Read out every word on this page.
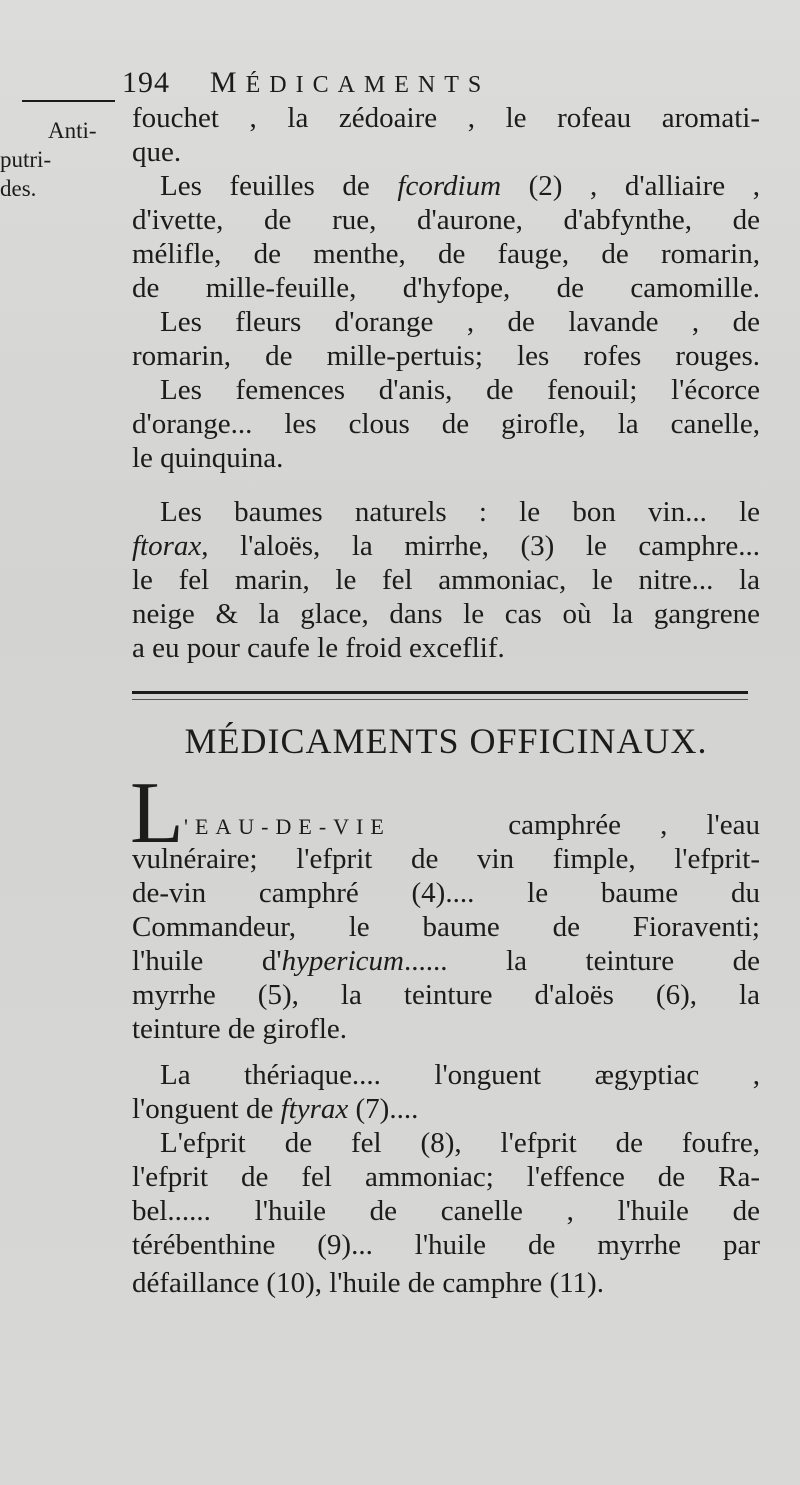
194 MÉDICAMENTS
Anti-
putri-
des.
fouchet , la zédoaire , le rofeau aromati-
que.
Les feuilles de fcordium (2) , d'alliaire ,
d'ivette, de rue, d'aurone, d'abfynthe, de
mélifle, de menthe, de fauge, de romarin,
de mille-feuille, d'hyfope, de camomille.
Les fleurs d'orange , de lavande , de
romarin, de mille-pertuis; les rofes rouges.
Les femences d'anis, de fenouil; l'écorce
d'orange... les clous de girofle, la canelle,
le quinquina.
Les baumes naturels : le bon vin... le
ftorax, l'aloës, la mirrhe, (3) le camphre...
le fel marin, le fel ammoniac, le nitre... la
neige & la glace, dans le cas où la gangrene
a eu pour caufe le froid exceflif.
MÉDICAMENTS OFFICINAUX.
L 'EAU-DE-VIE	camphrée , l'eau
vulnéraire; l'efprit de vin fimple, l'efprit-
de-vin camphré (4).... le baume du
Commandeur, le baume de Fioraventi;
l'huile d'hypericum...... la teinture de
myrrhe (5), la teinture d'aloës (6), la
teinture de girofle.
La thériaque.... l'onguent ægyptiac ,
l'onguent de ftyrax (7)....
L'efprit de fel (8), l'efprit de foufre,
l'efprit de fel ammoniac; l'effence de Ra-
bel...... l'huile de canelle , l'huile de
térébenthine (9)... l'huile de myrrhe par
défaillance (10), l'huile de camphre (11).
